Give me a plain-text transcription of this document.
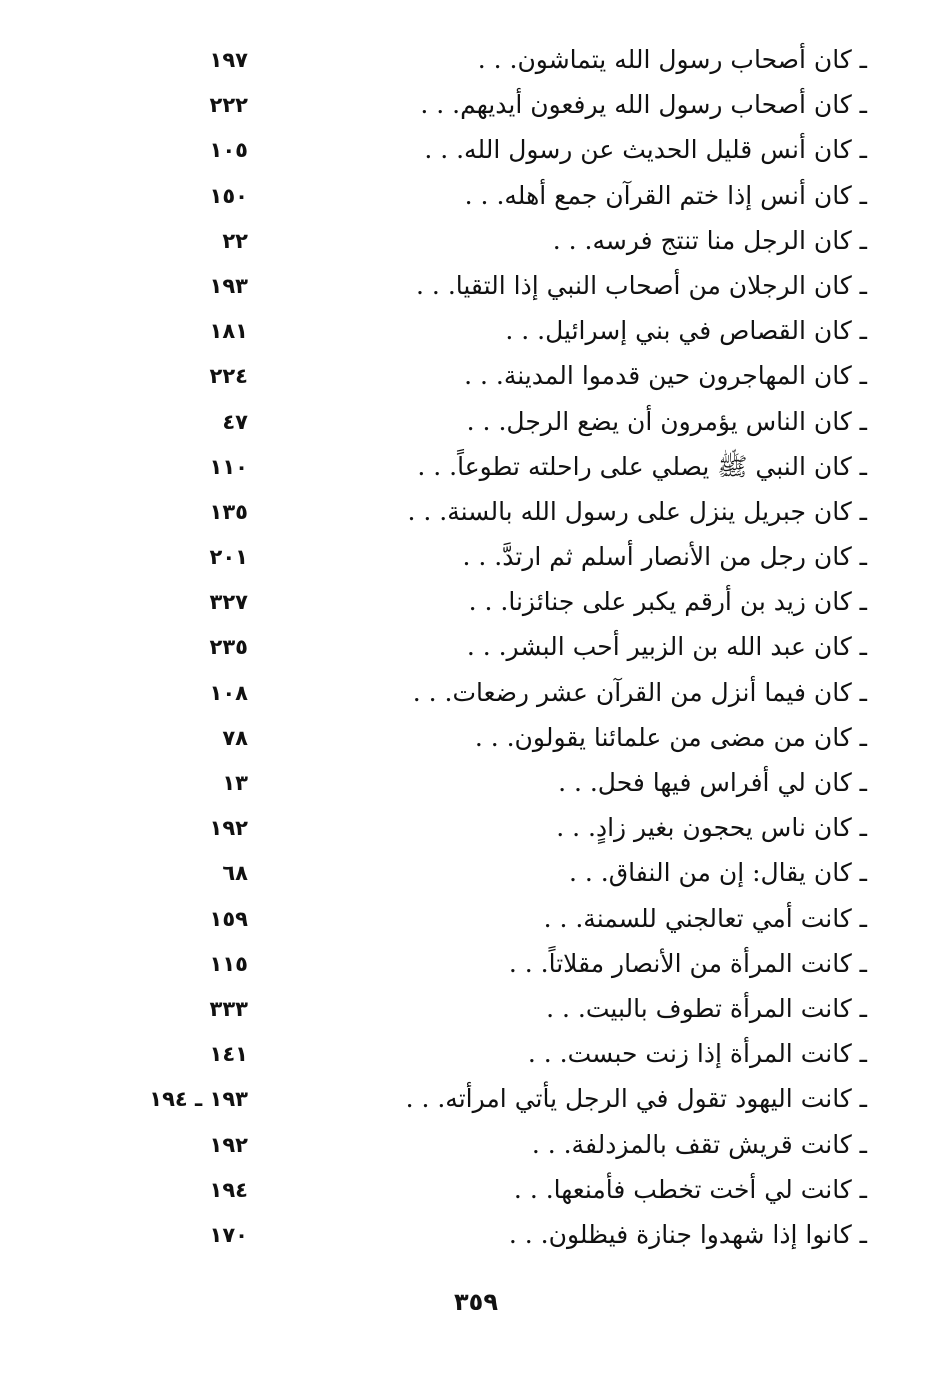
ـ كان أصحاب رسول الله يتماشون. . .
١٩٧
ـ كان أصحاب رسول الله يرفعون أيديهم. . .
٢٢٢
ـ كان أنس قليل الحديث عن رسول الله. . .
١٠٥
ـ كان أنس إذا ختم القرآن جمع أهله. . .
١٥٠
ـ كان الرجل منا تنتج فرسه. . .
٢٢
ـ كان الرجلان من أصحاب النبي إذا التقيا. . .
١٩٣
ـ كان القصاص في بني إسرائيل. . .
١٨١
ـ كان المهاجرون حين قدموا المدينة. . .
٢٢٤
ـ كان الناس يؤمرون أن يضع الرجل. . .
٤٧
ـ كان النبي ﷺ يصلي على راحلته تطوعاً. . .
١١٠
ـ كان جبريل ينزل على رسول الله بالسنة. . .
١٣٥
ـ كان رجل من الأنصار أسلم ثم ارتدَّ. . .
٢٠١
ـ كان زيد بن أرقم يكبر على جنائزنا. . .
٣٢٧
ـ كان عبد الله بن الزبير أحب البشر. . .
٢٣٥
ـ كان فيما أنزل من القرآن عشر رضعات. . .
١٠٨
ـ كان من مضى من علمائنا يقولون. . .
٧٨
ـ كان لي أفراس فيها فحل. . .
١٣
ـ كان ناس يحجون بغير زادٍ. . .
١٩٢
ـ كان يقال: إن من النفاق. . .
٦٨
ـ كانت أمي تعالجني للسمنة. . .
١٥٩
ـ كانت المرأة من الأنصار مقلاتاً. . .
١١٥
ـ كانت المرأة تطوف بالبيت. . .
٣٣٣
ـ كانت المرأة إذا زنت حبست. . .
١٤١
ـ كانت اليهود تقول في الرجل يأتي امرأته. . .
١٩٣ ـ ١٩٤
ـ كانت قريش تقف بالمزدلفة. . .
١٩٢
ـ كانت لي أخت تخطب فأمنعها. . .
١٩٤
ـ كانوا إذا شهدوا جنازة فيظلون. . .
١٧٠
٣٥٩
